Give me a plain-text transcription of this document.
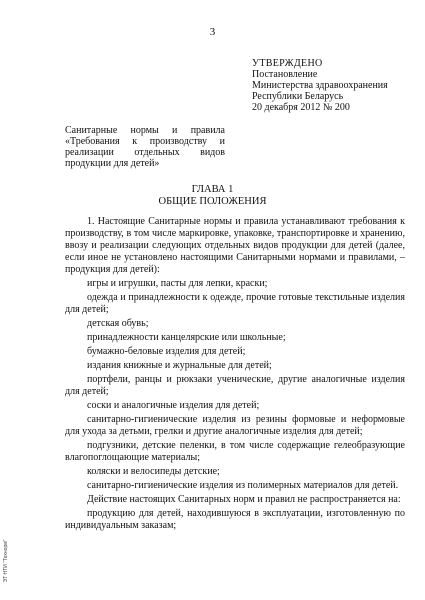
3
УТВЕРЖДЕНО
Постановление
Министерства здравоохранения
Республики Беларусь
20 декабря 2012 № 200
Санитарные нормы и правила
«Требования к производству и
реализации отдельных видов
продукции для детей»
ГЛАВА 1
ОБЩИЕ ПОЛОЖЕНИЯ

1. Настоящие Санитарные нормы и правила устанавливают требования к производству, в том числе маркировке, упаковке, транспортировке и хранению, ввозу и реализации следующих отдельных видов продукции для детей (далее, если иное не установлено настоящими Санитарными нормами и правилами, – продукция для детей):

игры и игрушки, пасты для лепки, краски;

одежда и принадлежности к одежде, прочие готовые текстильные изделия для детей;

детская обувь;

принадлежности канцелярские или школьные;

бумажно-беловые изделия для детей;

издания книжные и журнальные для детей;

портфели, ранцы и рюкзаки ученические, другие аналогичные изделия для детей;

соски и аналогичные изделия для детей;

санитарно-гигиенические изделия из резины формовые и неформовые для ухода за детьми, грелки и другие аналогичные изделия для детей;

подгузники, детские пеленки, в том числе содержащие гелеобразующие влагопоглощающие материалы;

коляски и велосипеды детские;

санитарно-гигиенические изделия из полимерных материалов для детей.

Действие настоящих Санитарных норм и правил не распространяется на:

продукцию для детей, находившуюся в эксплуатации, изготовленную по индивидуальным заказам;

ЭТ НТИ "Технорм"
